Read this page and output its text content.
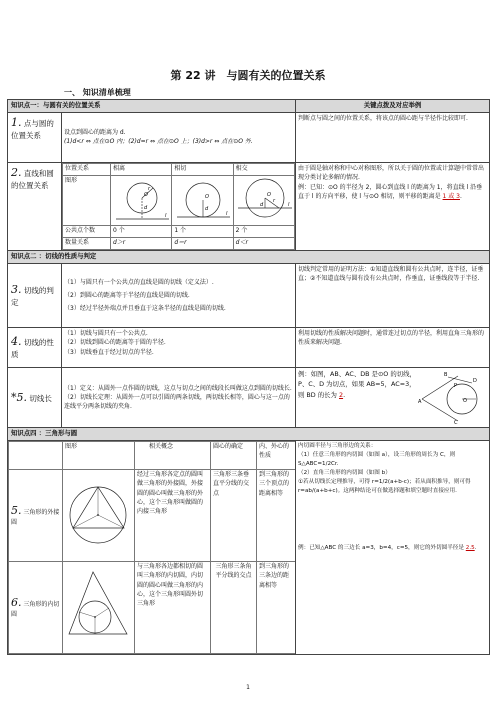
第 22 讲　与圆有关的位置关系
一、 知识清单梳理
知识点一：与圆有关的位置关系	关键点拨及对应举例
1. 点与圆的位置关系	设点到圆心的距离为 d.
(1)d<r ⇔ 点在⊙O 内；(2)d=r ⇔ 点在⊙O 上；(3)d>r ⇔ 点在⊙O 外.
	判断点与圆之间的位置关系，将该点的圆心距与半径作比较即可.
2. 直线和圆的位置关系	
位置关系	相离	相切	相交
图形	
O
d
r
l

O
d
l

O
d
r
l

公共点个数	0 个	1 个	2 个
数量关系	d＞r	d＝r	d＜r

由于圆是轴对称和中心对称图形，所以关于圆的位置或计算题中常常出现分类讨论多解的情况.
例：已知：⊙O 的半径为 2，圆心到直线 l 的距离为 1，将直线 l 沿垂直于 l 的方向平移，使 l 与⊙O 相切，则平移的距离是 1 或 3.

知识点二 ：切线的性质与判定
3. 切线的判定	
（1）与圆只有一个公共点的直线是圆的切线（定义法）.
（2）到圆心的距离等于半径的直线是圆的切线.
（3）经过半径外端点并且垂直于这条半径的直线是圆的切线.
	切线判定常用的证明方法：①知道直线和圆有公共点时，连半径，证垂直；②不知道直线与圆有没有公共点时，作垂直，证垂线段等于半径.
4. 切线的性质	
（1）切线与圆只有一个公共点.
（2）切线到圆心的距离等于圆的半径.
（3）切线垂直于经过切点的半径.
	利用切线的性质解决问题时，通常连过切点的半径，利用直角三角形的性质来解决问题.
*5. 切线长	
（1）定义：从圆外一点作圆的切线，这点与切点之间的线段长叫做这点到圆的切线长.
（2）切线长定理：从圆外一点可以引圆的两条切线，两切线长相等，圆心与这一点的连线平分两条切线的夹角.

例：如图，AB、AC、DB 是⊙O 的切线，P、C、D 为切点，如果 AB=5，AC=3，则 BD 的长为 2.
A
B
C
D
P
O

知识点四 ：三角形与圆

	图形	相关概念	圆心的确定	内、外心的性质
5. 三角形的外接圆		经过三角形各定点的圆叫做三角形的外接圆，外接圆的圆心叫做三角形的外心，这个三角形叫做圆的内接三角形	三角形三条垂直平分线的交点	到三角形的三个顶点的距离相等
6. 三角形的内切圆		与三角形各边都相切的圆叫三角形的内切圆，内切圆的圆心叫做三角形的内心，这个三角形叫圆外切三角形	三角形三条角平分线的交点	到三角形的三条边的距离相等

内切圆半径与三角形边的关系：
（1）任意三角形的内切圆（如图 a），设三角形的周长为 C，则 S△ABC=1/2Cr.
（2）直角三角形的内切圆（如图 b）
①若从切线长定理推导，可得 r=1/2(a+b-c)；若从面积推导，则可得 r=ab/(a+b+c)。这两种结论可在做选择题和填空题时直接应用.
例：已知△ABC 的三边长 a=3，b=4，c=5，则它的外切圆半径是 2.5.
1
